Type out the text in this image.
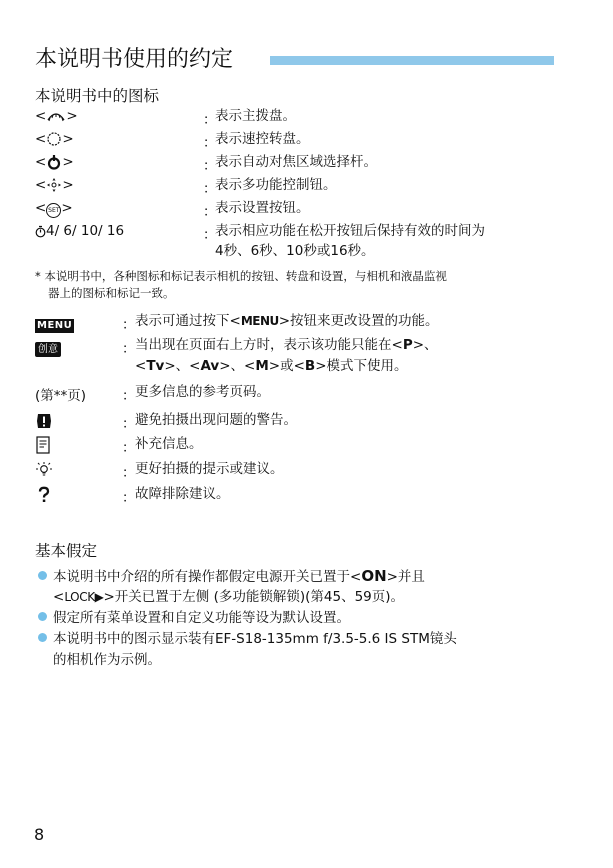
本说明书使用的约定
本说明书中的图标
< >	：
表示主拨盘。
< >	：
表示速控转盘。
< >	：
表示自动对焦区域选择杆。
< >	：
表示多功能控制钮。
< SET >	：
表示设置按钮。
4/ 6/ 10/ 16	：
表示相应功能在松开按钮后保持有效的时间为
4秒、6秒、10秒或16秒。
* 本说明书中，各种图标和标记表示相机的按钮、转盘和设置，与相机和液晶监视
器上的图标和标记一致。
MENU	： 表示可通过按下<MENU>按钮来更改设置的功能。
创意	： 当出现在页面右上方时，表示该功能只能在<P>、
<Tv>、<Av>、<M>或<B>模式下使用。
(第**页)	： 更多信息的参考页码。
： 避免拍摄出现问题的警告。
： 补充信息。
： 更好拍摄的提示或建议。
： 故障排除建议。
基本假定
本说明书中介绍的所有操作都假定电源开关已置于<ON>并且
<LOCK▶>开关已置于左侧 (多功能锁解锁)(第45、59页)。
假定所有菜单设置和自定义功能等设为默认设置。
本说明书中的图示显示装有EF-S18-135mm f/3.5-5.6 IS STM镜头
的相机作为示例。
8
